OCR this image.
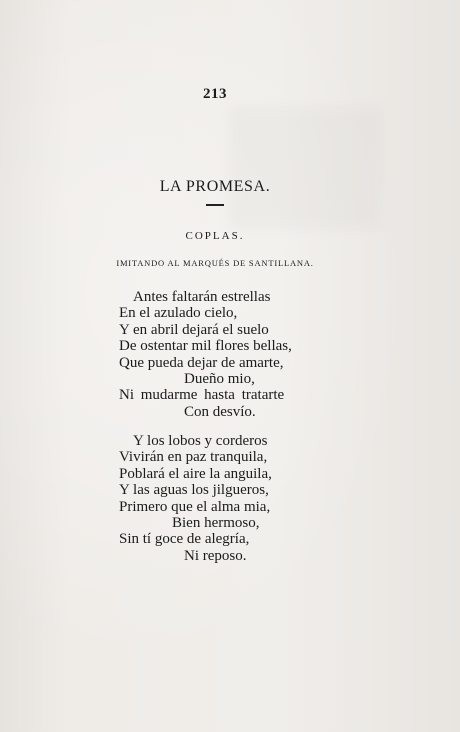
213
LA PROMESA.
COPLAS.
IMITANDO AL MARQUÉS DE SANTILLANA.
Antes faltarán estrellas
En el azulado cielo,
Y en abril dejará el suelo
De ostentar mil flores bellas,
Que pueda dejar de amarte,
Dueño mio,
Ni mudarme hasta tratarte
Con desvío.
Y los lobos y corderos
Vivirán en paz tranquila,
Poblará el aire la anguila,
Y las aguas los jilgueros,
Primero que el alma mia,
Bien hermoso,
Sin tí goce de alegría,
Ni reposo.
